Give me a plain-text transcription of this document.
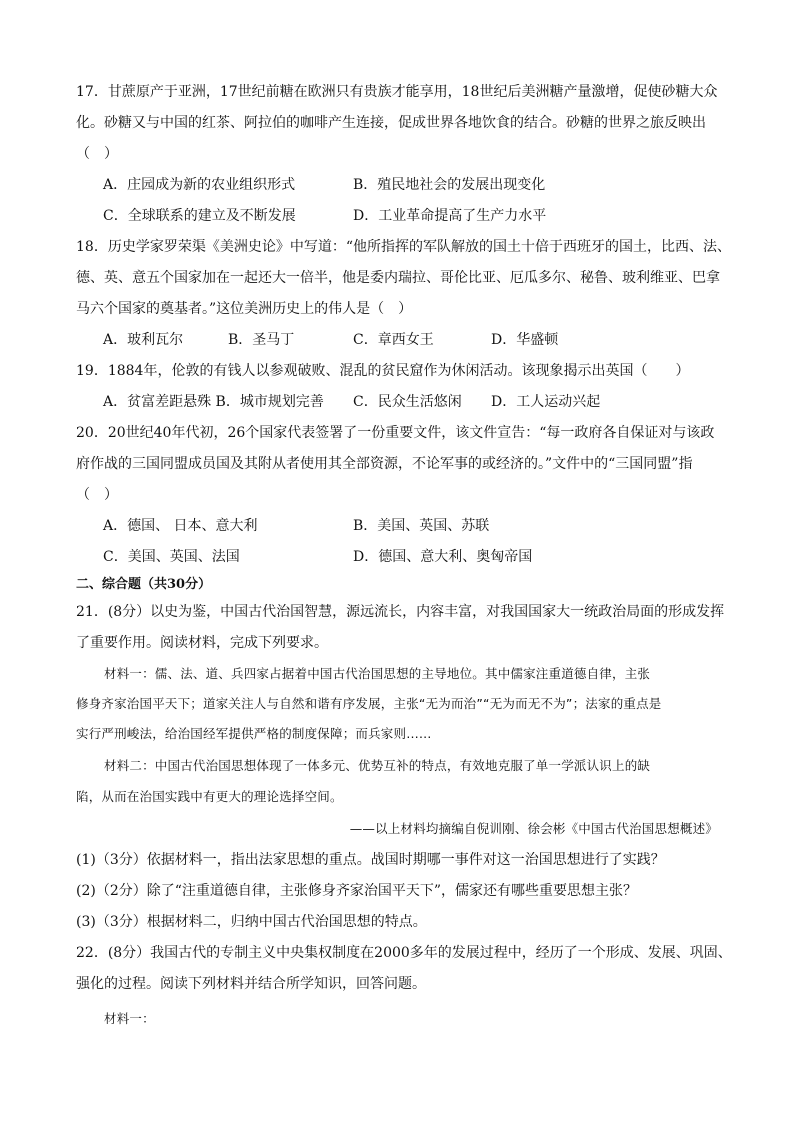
17．甘蔗原产于亚洲，17世纪前糖在欧洲只有贵族才能享用，18世纪后美洲糖产量激增，促使砂糖大众
化。砂糖又与中国的红茶、阿拉伯的咖啡产生连接，促成世界各地饮食的结合。砂糖的世界之旅反映出
（　）
A．庄园成为新的农业组织形式	B．殖民地社会的发展出现变化
C．全球联系的建立及不断发展	D．工业革命提高了生产力水平
18．历史学家罗荣渠《美洲史论》中写道：“他所指挥的军队解放的国土十倍于西班牙的国土，比西、法、
德、英、意五个国家加在一起还大一倍半，他是委内瑞拉、哥伦比亚、厄瓜多尔、秘鲁、玻利维亚、巴拿
马六个国家的奠基者。”这位美洲历史上的伟人是（　）
A．玻利瓦尔	B．圣马丁	C．章西女王	D．华盛顿
19．1884年，伦敦的有钱人以参观破败、混乱的贫民窟作为休闲活动。该现象揭示出英国（　　）
A．贫富差距悬殊 B．城市规划完善 C．民众生活悠闲 D．工人运动兴起
20．20世纪40年代初，26个国家代表签署了一份重要文件，该文件宣告：“每一政府各自保证对与该政
府作战的三国同盟成员国及其附从者使用其全部资源，不论军事的或经济的。”文件中的“三国同盟”指
（　）
A．德国、 日本、意大利	B．美国、英国、苏联
C．美国、英国、法国	D．德国、意大利、奥匈帝国
二、综合题（共30分）
21．(8分）以史为鉴，中国古代治国智慧，源远流长，内容丰富，对我国国家大一统政治局面的形成发挥
了重要作用。阅读材料，完成下列要求。
材料一：儒、法、道、兵四家占据着中国古代治国思想的主导地位。其中儒家注重道德自律，主张
修身齐家治国平天下；道家关注人与自然和谐有序发展，主张“无为而治”“无为而无不为”；法家的重点是
实行严刑峻法，给治国经军提供严格的制度保障；而兵家则……
材料二：中国古代治国思想体现了一体多元、优势互补的特点，有效地克服了单一学派认识上的缺
陷，从而在治国实践中有更大的理论选择空间。
——以上材料均摘编自倪训刚、徐会彬《中国古代治国思想概述》
(1)（3分）依据材料一，指出法家思想的重点。战国时期哪一事件对这一治国思想进行了实践？
(2)（2分）除了“注重道德自律，主张修身齐家治国平天下”，儒家还有哪些重要思想主张？
(3)（3分）根据材料二，归纳中国古代治国思想的特点。
22．(8分）我国古代的专制主义中央集权制度在2000多年的发展过程中，经历了一个形成、发展、巩固、
强化的过程。阅读下列材料并结合所学知识，回答问题。
材料一：
